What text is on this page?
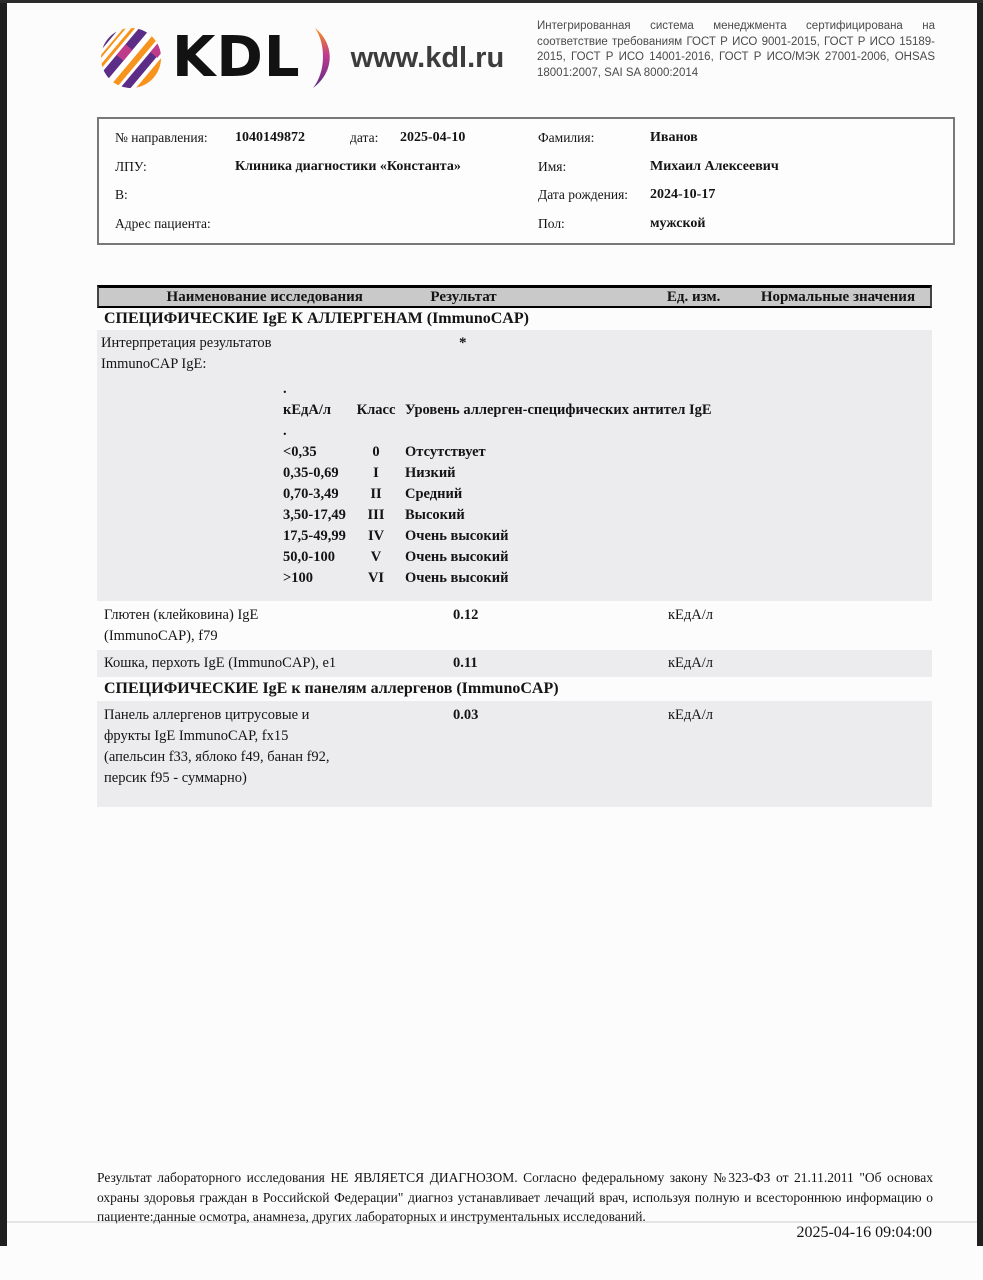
KDL www.kdl.ru

Интегрированная система менеджмента сертифицирована на соответствие требованиям ГОСТ Р ИСО 9001-2015, ГОСТ Р ИСО 15189-2015, ГОСТ Р ИСО 14001-2016, ГОСТ Р ИСО/МЭК 27001-2006, OHSAS 18001:2007, SAI SA 8000:2014

№ направления: 1040149872	дата: 2025-04-10	Фамилия:	Иванов
ЛПУ:	Клиника диагностики «Константа»	Имя:	Михаил Алексеевич
В:	Дата рождения: 2024-10-17
Адрес пациента:	Пол:	мужской
Наименование исследования	Результат	Ед. изм.	Нормальные значения
СПЕЦИФИЧЕСКИЕ IgE К АЛЛЕРГЕНАМ (ImmunoCAP)
Интерпретация результатов
ImmunoCAP IgE:
*
.
кЕдА/л	Класс Уровень аллерген-специфических антител IgE
.
<0,35	0	Отсутствует
0,35-0,69	I	Низкий
0,70-3,49	II	Средний
3,50-17,49	III	Высокий
17,5-49,99	IV	Очень высокий
50,0-100	V	Очень высокий
>100	VI	Очень высокий
Глютен (клейковина) IgE
(ImmunoCAP), f79
0.12	кЕдА/л
Кошка, перхоть IgE (ImmunoCAP), e1	0.11	кЕдА/л
СПЕЦИФИЧЕСКИЕ IgE к панелям аллергенов (ImmunoCAP)
Панель аллергенов цитрусовые и
фрукты IgE ImmunoCAP, fx15
(апельсин f33, яблоко f49, банан f92,
персик f95 - суммарно)
0.03	кЕдА/л

Результат лабораторного исследования НЕ ЯВЛЯЕТСЯ ДИАГНОЗОМ. Согласно федеральному закону №323-ФЗ от 21.11.2011 "Об основах охраны здоровья граждан в Российской Федерации" диагноз устанавливает лечащий врач, используя полную и всестороннюю информацию о пациенте:данные осмотра, анамнеза, других лабораторных и инструментальных исследований.

2025-04-16 09:04:00
